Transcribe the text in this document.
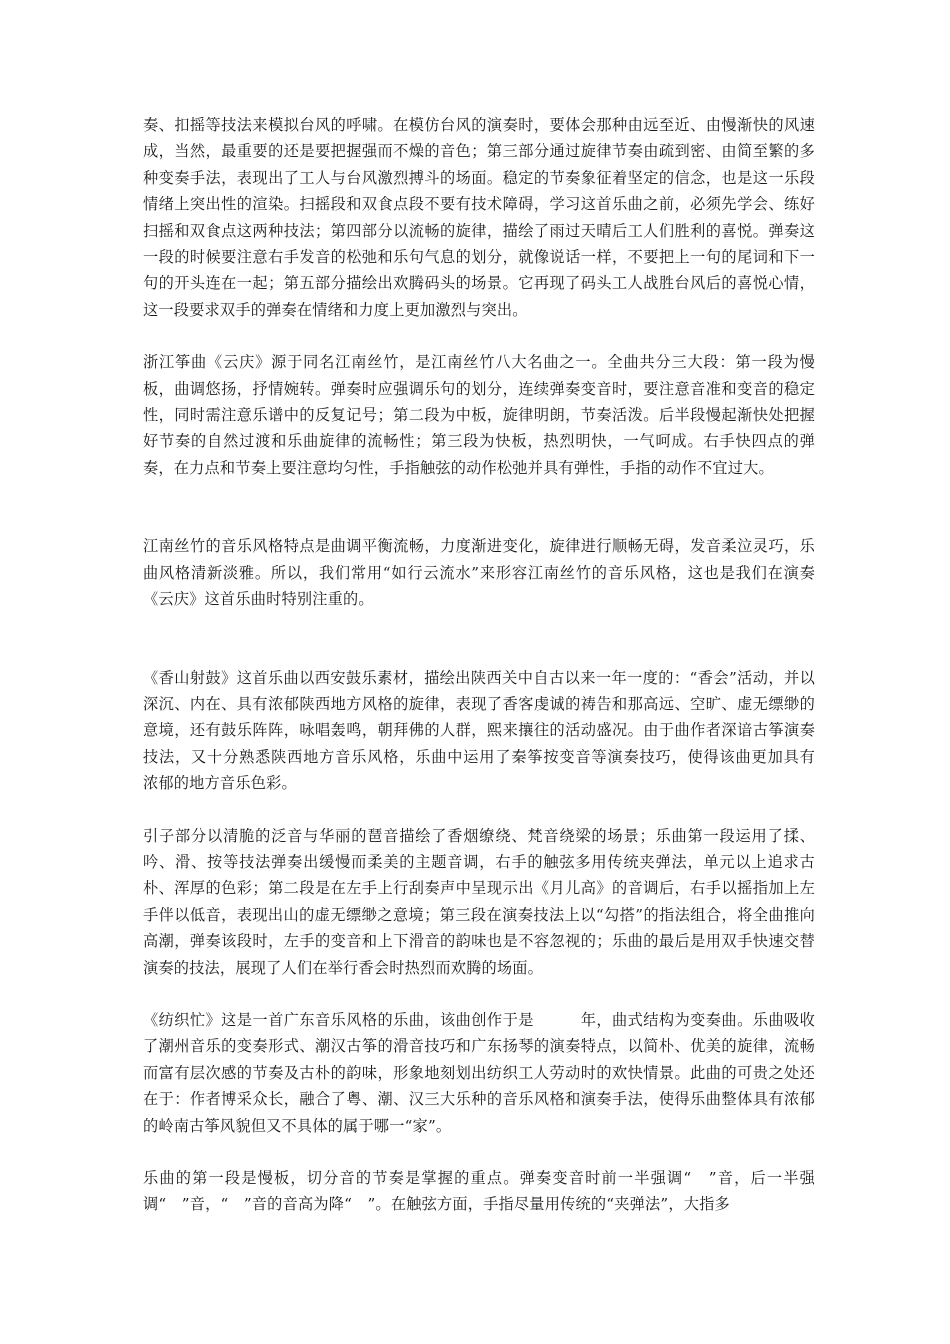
奏、扣摇等技法来模拟台风的呼啸。在模仿台风的演奏时，要体会那种由远至近、由慢渐快的风速成，当然，最重要的还是要把握强而不燥的音色；第三部分通过旋律节奏由疏到密、由简至繁的多种变奏手法，表现出了工人与台风激烈搏斗的场面。稳定的节奏象征着坚定的信念，也是这一乐段情绪上突出性的渲染。扫摇段和双食点段不要有技术障碍，学习这首乐曲之前，必须先学会、练好扫摇和双食点这两种技法；第四部分以流畅的旋律，描绘了雨过天晴后工人们胜利的喜悦。弹奏这一段的时候要注意右手发音的松弛和乐句气息的划分，就像说话一样，不要把上一句的尾词和下一句的开头连在一起；第五部分描绘出欢腾码头的场景。它再现了码头工人战胜台风后的喜悦心情，这一段要求双手的弹奏在情绪和力度上更加激烈与突出。

浙江筝曲《云庆》源于同名江南丝竹，是江南丝竹八大名曲之一。全曲共分三大段：第一段为慢板，曲调悠扬，抒情婉转。弹奏时应强调乐句的划分，连续弹奏变音时，要注意音准和变音的稳定性，同时需注意乐谱中的反复记号；第二段为中板，旋律明朗，节奏活泼。后半段慢起渐快处把握好节奏的自然过渡和乐曲旋律的流畅性；第三段为快板，热烈明快，一气呵成。右手快四点的弹奏，在力点和节奏上要注意均匀性，手指触弦的动作松弛并具有弹性，手指的动作不宜过大。

江南丝竹的音乐风格特点是曲调平衡流畅，力度渐进变化，旋律进行顺畅无碍，发音柔泣灵巧，乐曲风格清新淡雅。所以，我们常用“如行云流水”来形容江南丝竹的音乐风格，这也是我们在演奏《云庆》这首乐曲时特别注重的。

《香山射鼓》这首乐曲以西安鼓乐素材，描绘出陕西关中自古以来一年一度的：“香会”活动，并以深沉、内在、具有浓郁陕西地方风格的旋律，表现了香客虔诚的祷告和那高远、空旷、虚无缥缈的意境，还有鼓乐阵阵，咏唱轰鸣，朝拜佛的人群，熙来攘往的活动盛况。由于曲作者深谙古筝演奏技法，又十分熟悉陕西地方音乐风格，乐曲中运用了秦筝按变音等演奏技巧，使得该曲更加具有　浓郁的地方音乐色彩。

引子部分以清脆的泛音与华丽的琶音描绘了香烟缭绕、梵音绕梁的场景；乐曲第一段运用了揉、吟、滑、按等技法弹奏出缓慢而柔美的主题音调，右手的触弦多用传统夹弹法，单元以上追求古朴、浑厚的色彩；第二段是在左手上行刮奏声中呈现示出《月儿高》的音调后，右手以摇指加上左手伴以低音，表现出山的虚无缥缈之意境；第三段在演奏技法上以“勾搭”的指法组合，将全曲推向高潮，弹奏该段时，左手的变音和上下滑音的韵味也是不容忽视的；乐曲的最后是用双手快速交替演奏的技法，展现了人们在举行香会时热烈而欢腾的场面。

《纺织忙》这是一首广东音乐风格的乐曲，该曲创作于是　　　年，曲式结构为变奏曲。乐曲吸收了潮州音乐的变奏形式、潮汉古筝的滑音技巧和广东扬琴的演奏特点，以简朴、优美的旋律，流畅而富有层次感的节奏及古朴的韵味，形象地刻划出纺织工人劳动时的欢快情景。此曲的可贵之处还在于：作者博采众长，融合了粤、潮、汉三大乐种的音乐风格和演奏手法，使得乐曲整体具有浓郁的岭南古筝风貌但又不具体的属于哪一“家”。

乐曲的第一段是慢板，切分音的节奏是掌握的重点。弹奏变音时前一半强调“　”音，后一半强调“　”音，“　”音的音高为降“　”。在触弦方面，手指尽量用传统的“夹弹法”，大指多
